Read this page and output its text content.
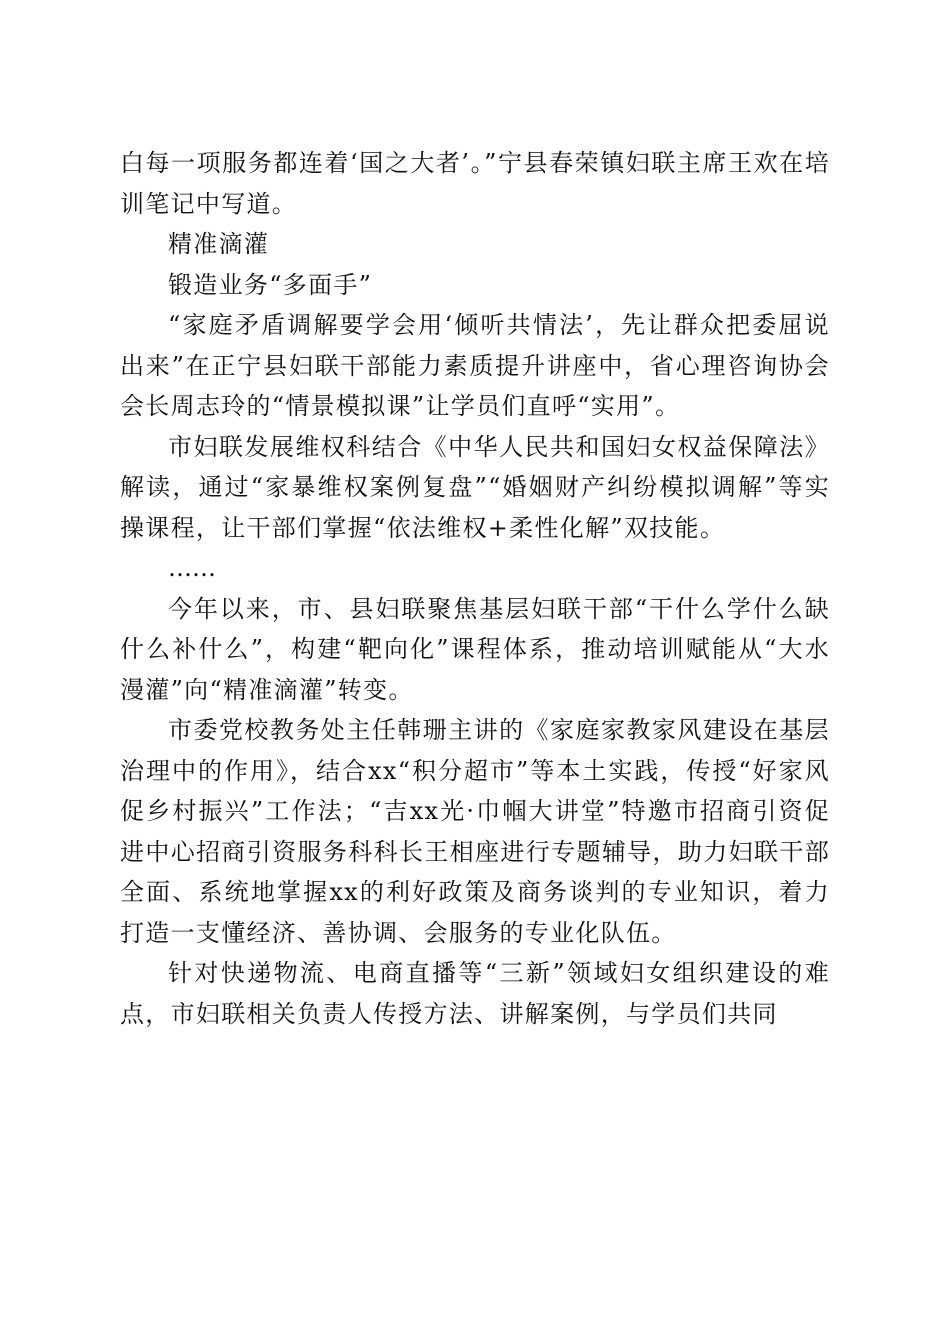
白每一项服务都连着‘国之大者’。”宁县春荣镇妇联主席王欢在培训笔记中写道。

精准滴灌

锻造业务“多面手”

“家庭矛盾调解要学会用‘倾听共情法’，先让群众把委屈说出来”在正宁县妇联干部能力素质提升讲座中，省心理咨询协会会长周志玲的“情景模拟课”让学员们直呼“实用”。

市妇联发展维权科结合《中华人民共和国妇女权益保障法》解读，通过“家暴维权案例复盘”“婚姻财产纠纷模拟调解”等实操课程，让干部们掌握“依法维权+柔性化解”双技能。

……

今年以来，市、县妇联聚焦基层妇联干部“干什么学什么缺什么补什么”，构建“靶向化”课程体系，推动培训赋能从“大水漫灌”向“精准滴灌”转变。

市委党校教务处主任韩珊主讲的《家庭家教家风建设在基层治理中的作用》，结合xx“积分超市”等本土实践，传授“好家风促乡村振兴”工作法；“吉xx光·巾帼大讲堂”特邀市招商引资促进中心招商引资服务科科长王相座进行专题辅导，助力妇联干部全面、系统地掌握xx的利好政策及商务谈判的专业知识，着力打造一支懂经济、善协调、会服务的专业化队伍。

针对快递物流、电商直播等“三新”领域妇女组织建设的难点，市妇联相关负责人传授方法、讲解案例，与学员们共同
